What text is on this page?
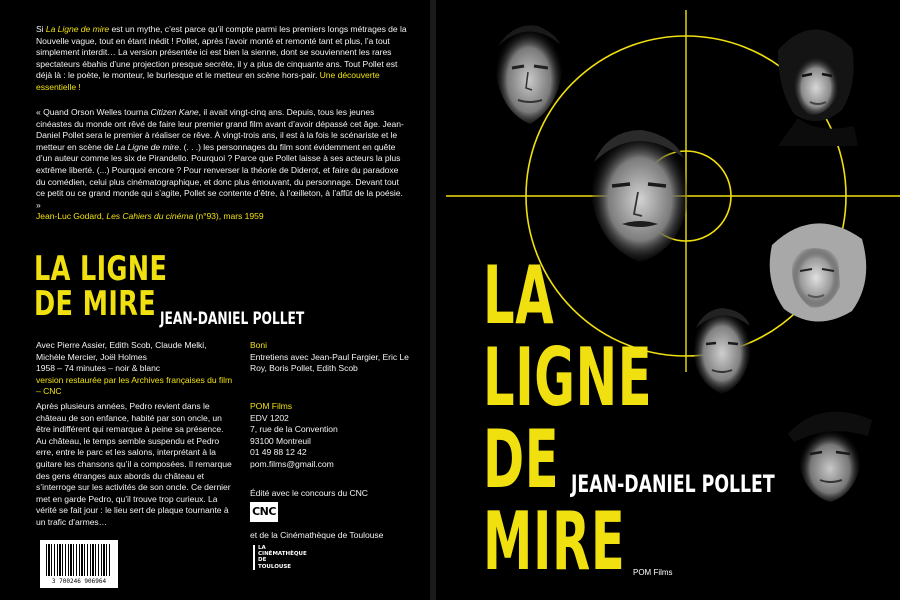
Si La Ligne de mire est un mythe, c’est parce qu’il compte parmi les premiers longs métrages de la Nouvelle vague, tout en étant inédit ! Pollet, après l’avoir monté et remonté tant et plus, l’a tout simplement interdit… La version présentée ici est bien la sienne, dont se souviennent les rares spectateurs ébahis d’une projection presque secrète, il y a plus de cinquante ans. Tout Pollet est déjà là : le poète, le monteur, le burlesque et le metteur en scène hors-pair. Une découverte essentielle !

« Quand Orson Welles tourna Citizen Kane, il avait vingt-cinq ans. Depuis, tous les jeunes cinéastes du monde ont rêvé de faire leur premier grand film avant d’avoir dépassé cet âge. Jean-Daniel Pollet sera le premier à réaliser ce rêve. À vingt-trois ans, il est à la fois le scénariste et le metteur en scène de La Ligne de mire. (. . .) les personnages du film sont évidemment en quête d’un auteur comme les six de Pirandello. Pourquoi ? Parce que Pollet laisse à ses acteurs la plus extrême liberté. (...) Pourquoi encore ? Pour renverser la théorie de Diderot, et faire du paradoxe du comédien, celui plus cinématographique, et donc plus émouvant, du personnage. Devant tout ce petit ou ce grand monde qui s’agite, Pollet se contente d’être, à l’œilleton, à l’affût de la poésie. »

Jean-Luc Godard, Les Cahiers du cinéma (n°93), mars 1959

LA LIGNE
DE MIRE JEAN-DANIEL POLLET

Avec Pierre Assier, Edith Scob, Claude Melki, Michèle Mercier, Joël Holmes

1958 – 74 minutes – noir & blanc

version restaurée par les Archives françaises du film – CNC

Après plusieurs années, Pedro revient dans le château de son enfance, habité par son oncle, un être indifférent qui remarque à peine sa présence.

Au château, le temps semble suspendu et Pedro erre, entre le parc et les salons, interprétant à la guitare les chansons qu’il a composées. Il remarque des gens étranges aux abords du château et s’interroge sur les activités de son oncle. Ce dernier met en garde Pedro, qu’il trouve trop curieux. La vérité se fait jour : le lieu sert de plaque tournante à un trafic d’armes…

Boni

Entretiens avec Jean-Paul Fargier, Eric Le Roy, Boris Pollet, Edith Scob

POM Films

EDV 1202

7, rue de la Convention

93100 Montreuil

01 49 88 12 42

pom.films@gmail.com

Édité avec le concours du CNC
CNC
et de la Cinémathèque de Toulouse
LA
CINÉMATHÈQUE
DE
TOULOUSE
3 700246 906964
LA
LIGNE
DE
MIRE
JEAN-DANIEL POLLET
POM Films
